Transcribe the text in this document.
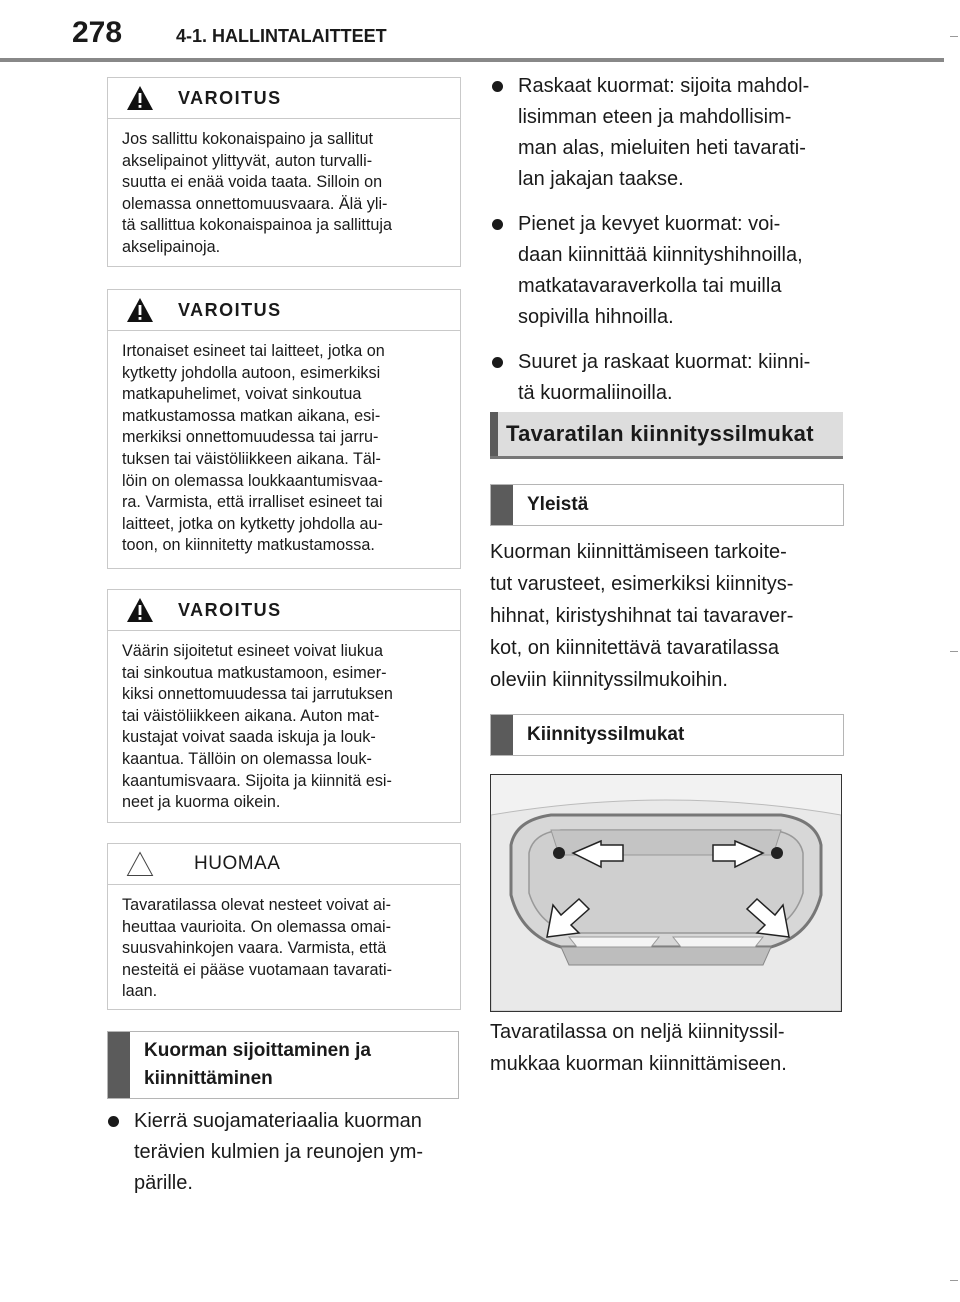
278	4-1. HALLINTALAITTEET
VAROITUS
Jos sallittu kokonaispaino ja sallitut
akselipainot ylittyvät, auton turvalli-
suutta ei enää voida taata. Silloin on
olemassa onnettomuusvaara. Älä yli-
tä sallittua kokonaispainoa ja sallittuja
akselipainoja.
VAROITUS
Irtonaiset esineet tai laitteet, jotka on
kytketty johdolla autoon, esimerkiksi
matkapuhelimet, voivat sinkoutua
matkustamossa matkan aikana, esi-
merkiksi onnettomuudessa tai jarru-
tuksen tai väistöliikkeen aikana. Täl-
löin on olemassa loukkaantumisvaa-
ra. Varmista, että irralliset esineet tai
laitteet, jotka on kytketty johdolla au-
toon, on kiinnitetty matkustamossa.
VAROITUS
Väärin sijoitetut esineet voivat liukua
tai sinkoutua matkustamoon, esimer-
kiksi onnettomuudessa tai jarrutuksen
tai väistöliikkeen aikana. Auton mat-
kustajat voivat saada iskuja ja louk-
kaantua. Tällöin on olemassa louk-
kaantumisvaara. Sijoita ja kiinnitä esi-
neet ja kuorma oikein.
HUOMAA
Tavaratilassa olevat nesteet voivat ai-
heuttaa vaurioita. On olemassa omai-
suusvahinkojen vaara. Varmista, että
nesteitä ei pääse vuotamaan tavarati-
laan.
Kuorman sijoittaminen ja
kiinnittäminen
Kierrä suojamateriaalia kuorman
terävien kulmien ja reunojen ym-
pärille.
Raskaat kuormat: sijoita mahdol-
lisimman eteen ja mahdollisim-
man alas, mieluiten heti tavarati-
lan jakajan taakse.
Pienet ja kevyet kuormat: voi-
daan kiinnittää kiinnityshihnoilla,
matkatavaraverkolla tai muilla
sopivilla hihnoilla.
Suuret ja raskaat kuormat: kiinni-
tä kuormaliinoilla.
Tavaratilan kiinnityssilmukat
Yleistä
Kuorman kiinnittämiseen tarkoite-
tut varusteet, esimerkiksi kiinnitys-
hihnat, kiristyshihnat tai tavaraver-
kot, on kiinnitettävä tavaratilassa
oleviin kiinnityssilmukoihin.
Kiinnityssilmukat
Tavaratilassa on neljä kiinnityssil-
mukkaa kuorman kiinnittämiseen.
